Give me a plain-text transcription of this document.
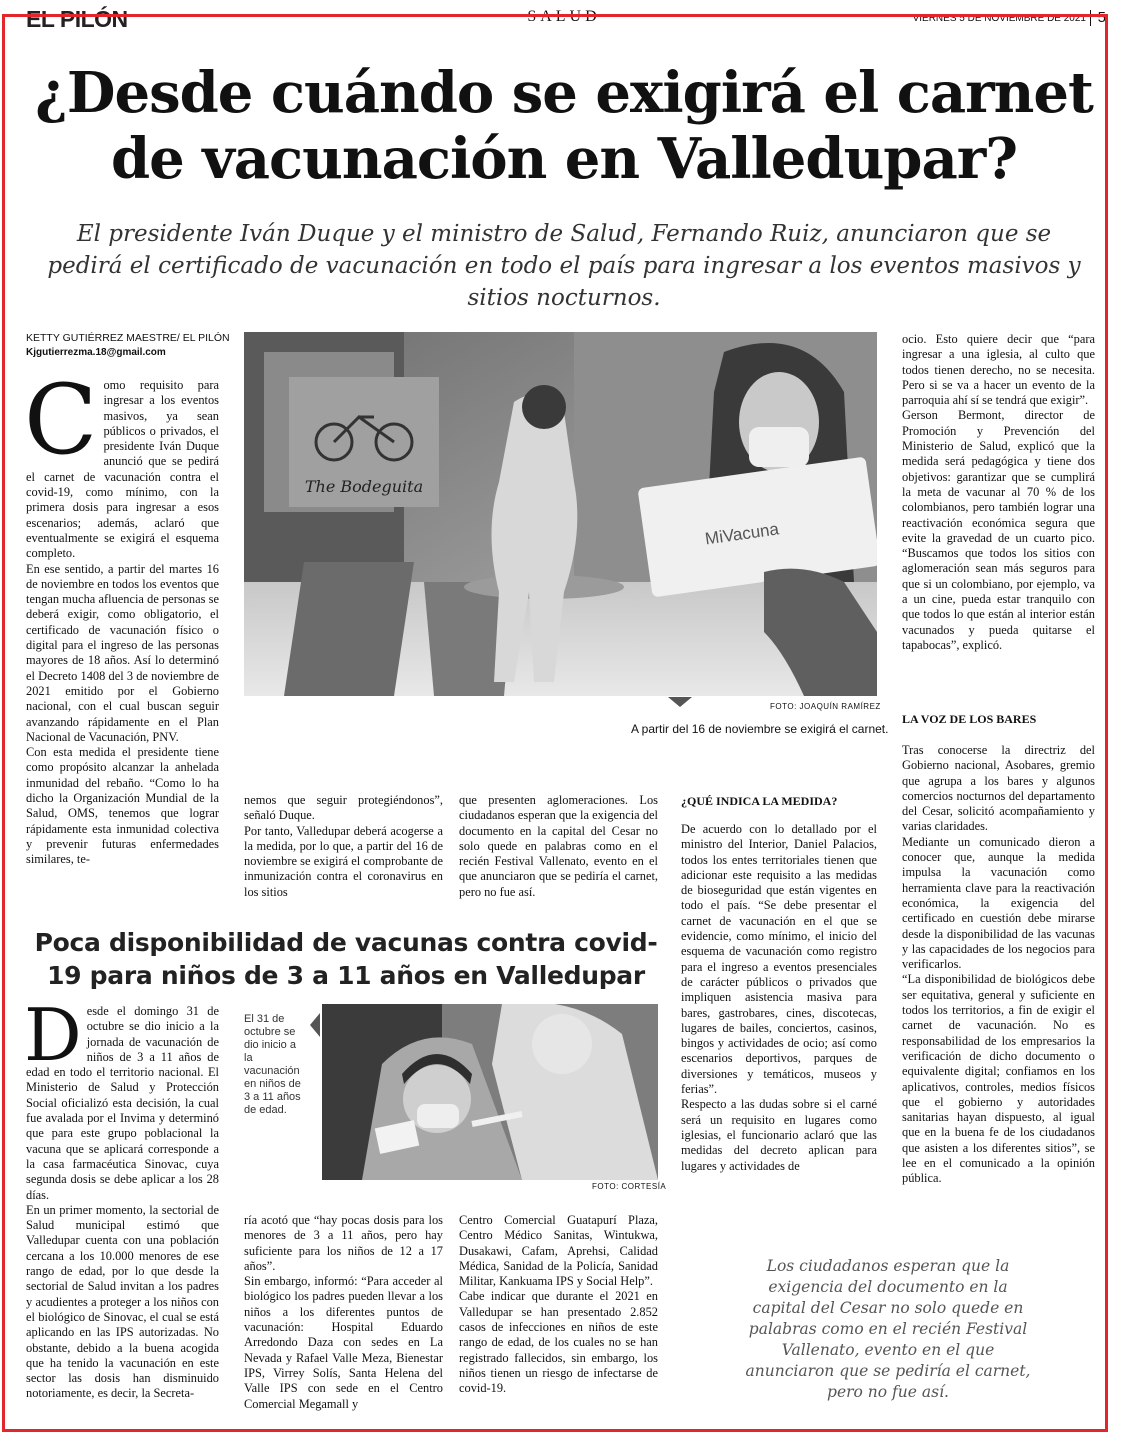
EL PILÓN	SALUD	VIERNES 5 DE NOVIEMBRE DE 2021 5
¿Desde cuándo se exigirá el carnet de vacunación en Valledupar?
El presidente Iván Duque y el ministro de Salud, Fernando Ruiz, anunciaron que se pedirá el certificado de vacunación en todo el país para ingresar a los eventos masivos y sitios nocturnos.
KETTY GUTIÉRREZ MAESTRE/ EL PILÓN
Kjgutierrezma.18@gmail.com
C omo requisito para ingresar a los eventos masivos, ya sean públicos o privados, el presidente Iván Duque anunció que se pedirá el carnet de vacunación contra el covid-19, como mínimo, con la primera dosis para ingresar a esos escenarios; además, aclaró que eventualmente se exigirá el esquema completo.

En ese sentido, a partir del martes 16 de noviembre en todos los eventos que tengan mucha afluencia de personas se deberá exigir, como obligatorio, el certificado de vacunación físico o digital para el ingreso de las personas mayores de 18 años. Así lo determinó el Decreto 1408 del 3 de noviembre de 2021 emitido por el Gobierno nacional, con el cual buscan seguir avanzando rápidamente en el Plan Nacional de Vacunación, PNV.

Con esta medida el presidente tiene como propósito alcanzar la anhelada inmunidad del rebaño. “Como lo ha dicho la Organización Mundial de la Salud, OMS, tenemos que lograr rápidamente esta inmunidad colectiva y prevenir futuras enfermedades similares, te-

The Bodeguita
MiVacuna
FOTO: JOAQUÍN RAMÍREZ
A partir del 16 de noviembre se exigirá el carnet.

nemos que seguir protegiéndonos”, señaló Duque.

Por tanto, Valledupar deberá acogerse a la medida, por lo que, a partir del 16 de noviembre se exigirá el comprobante de inmunización contra el coronavirus en los sitios

que presenten aglomeraciones. Los ciudadanos esperan que la exigencia del documento en la capital del Cesar no solo quede en palabras como en el recién Festival Vallenato, evento en el que anunciaron que se pediría el carnet, pero no fue así.

¿QUÉ INDICA LA MEDIDA?

De acuerdo con lo detallado por el ministro del Interior, Daniel Palacios, todos los entes territoriales tienen que adicionar este requisito a las medidas de bioseguridad que están vigentes en todo el país. “Se debe presentar el carnet de vacunación en el que se evidencie, como mínimo, el inicio del esquema de vacunación como registro para el ingreso a eventos presenciales de carácter públicos o privados que impliquen asistencia masiva para bares, gastrobares, cines, discotecas, lugares de bailes, conciertos, casinos, bingos y actividades de ocio; así como escenarios deportivos, parques de diversiones y temáticos, museos y ferias”.

Respecto a las dudas sobre si el carné será un requisito en lugares como iglesias, el funcionario aclaró que las medidas del decreto aplican para lugares y actividades de

ocio. Esto quiere decir que “para ingresar a una iglesia, al culto que todos tienen derecho, no se necesita. Pero si se va a hacer un evento de la parroquia ahí sí se tendrá que exigir”.

Gerson Bermont, director de Promoción y Prevención del Ministerio de Salud, explicó que la medida será pedagógica y tiene dos objetivos: garantizar que se cumplirá la meta de vacunar al 70 % de los colombianos, pero también lograr una reactivación económica segura que evite la gravedad de un cuarto pico. “Buscamos que todos los sitios con aglomeración sean más seguros para que si un colombiano, por ejemplo, va a un cine, pueda estar tranquilo con que todos lo que están al interior están vacunados y pueda quitarse el tapabocas”, explicó.

LA VOZ DE LOS BARES

Tras conocerse la directriz del Gobierno nacional, Asobares, gremio que agrupa a los bares y algunos comercios nocturnos del departamento del Cesar, solicitó acompañamiento y varias claridades.

Mediante un comunicado dieron a conocer que, aunque la medida impulsa la vacunación como herramienta clave para la reactivación económica, la exigencia del certificado en cuestión debe mirarse desde la disponibilidad de las vacunas y las capacidades de los negocios para verificarlos.

“La disponibilidad de biológicos debe ser equitativa, general y suficiente en todos los territorios, a fin de exigir el carnet de vacunación. No es responsabilidad de los empresarios la verificación de dicho documento o equivalente digital; confiamos en los aplicativos, controles, medios físicos que el gobierno y autoridades sanitarias hayan dispuesto, al igual que en la buena fe de los ciudadanos que asisten a los diferentes sitios”, se lee en el comunicado a la opinión pública.

Poca disponibilidad de vacunas contra covid-19 para niños de 3 a 11 años en Valledupar
D esde el domingo 31 de octubre se dio inicio a la jornada de vacunación de niños de 3 a 11 años de edad en todo el territorio nacional. El Ministerio de Salud y Protección Social oficializó esta decisión, la cual fue avalada por el Invima y determinó que para este grupo poblacional la vacuna que se aplicará corresponde a la casa farmacéutica Sinovac, cuya segunda dosis se debe aplicar a los 28 días.

En un primer momento, la sectorial de Salud municipal estimó que Valledupar cuenta con una población cercana a los 10.000 menores de ese rango de edad, por lo que desde la sectorial de Salud invitan a los padres y acudientes a proteger a los niños con el biológico de Sinovac, el cual se está aplicando en las IPS autorizadas. No obstante, debido a la buena acogida que ha tenido la vacunación en este sector las dosis han disminuido notoriamente, es decir, la Secreta-

El 31 de octubre se dio inicio a la vacunación en niños de 3 a 11 años de edad.
FOTO: CORTESÍA

ría acotó que “hay pocas dosis para los menores de 3 a 11 años, pero hay suficiente para los niños de 12 a 17 años”.

Sin embargo, informó: “Para acceder al biológico los padres pueden llevar a los niños a los diferentes puntos de vacunación: Hospital Eduardo Arredondo Daza con sedes en La Nevada y Rafael Valle Meza, Bienestar IPS, Virrey Solís, Santa Helena del Valle IPS con sede en el Centro Comercial Megamall y

Centro Comercial Guatapurí Plaza, Centro Médico Sanitas, Wintukwa, Dusakawi, Cafam, Aprehsi, Calidad Médica, Sanidad de la Policía, Sanidad Militar, Kankuama IPS y Social Help”.

Cabe indicar que durante el 2021 en Valledupar se han presentado 2.852 casos de infecciones en niños de este rango de edad, de los cuales no se han registrado fallecidos, sin embargo, los niños tienen un riesgo de infectarse de covid-19.

Los ciudadanos esperan que la exigencia del documento en la capital del Cesar no solo quede en palabras como en el recién Festival Vallenato, evento en el que anunciaron que se pediría el carnet, pero no fue así.
